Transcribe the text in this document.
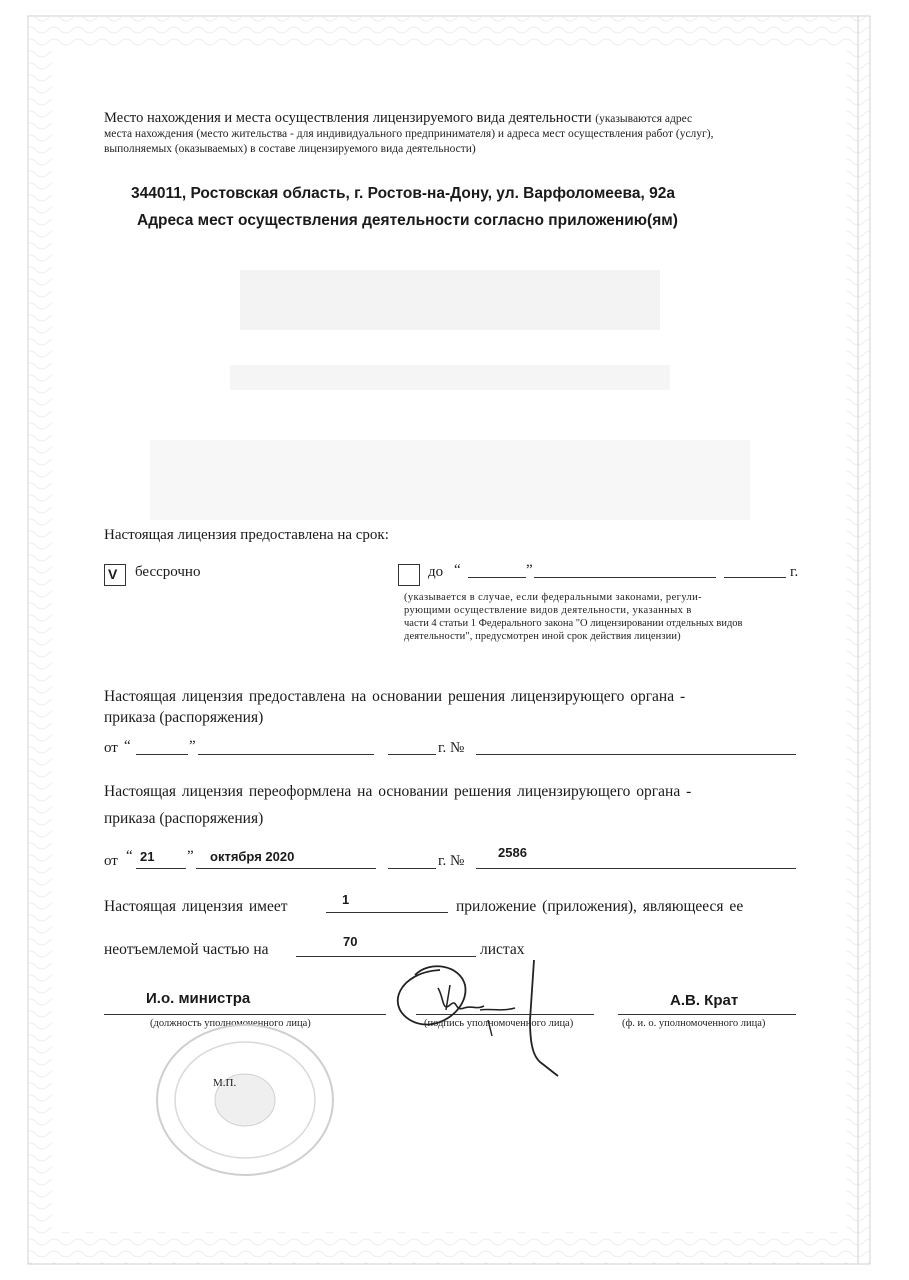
Место нахождения и места осуществления лицензируемого вида деятельности (указываются адрес
места нахождения (место жительства - для индивидуального предпринимателя) и адреса мест осуществления работ (услуг),
выполняемых (оказываемых) в составе лицензируемого вида деятельности)
344011, Ростовская область, г. Ростов-на-Дону, ул. Варфоломеева, 92а
Адреса мест осуществления деятельности согласно приложению(ям)
Настоящая лицензия предоставлена на срок:
V бессрочно	до “	”	г.
(указывается в случае, если федеральными законами, регули-
рующими осуществление видов деятельности, указанных в
части 4 статьи 1 Федерального закона "О лицензировании отдельных видов
деятельности", предусмотрен иной срок действия лицензии)
Настоящая лицензия предоставлена на основании решения лицензирующего органа -
приказа (распоряжения)
от “	”	г. №
Настоящая лицензия переоформлена на основании решения лицензирующего органа -
приказа (распоряжения)
от “ 21 ” октября 2020	г. №
2586
Настоящая лицензия имеет	1	приложение (приложения), являющееся ее
неотъемлемой частью на	70	листах
И.о. министра
(должность уполномоченного лица)	(подпись уполномоченного лица)
А.В. Крат
(ф. и. о. уполномоченного лица)
М.П.
